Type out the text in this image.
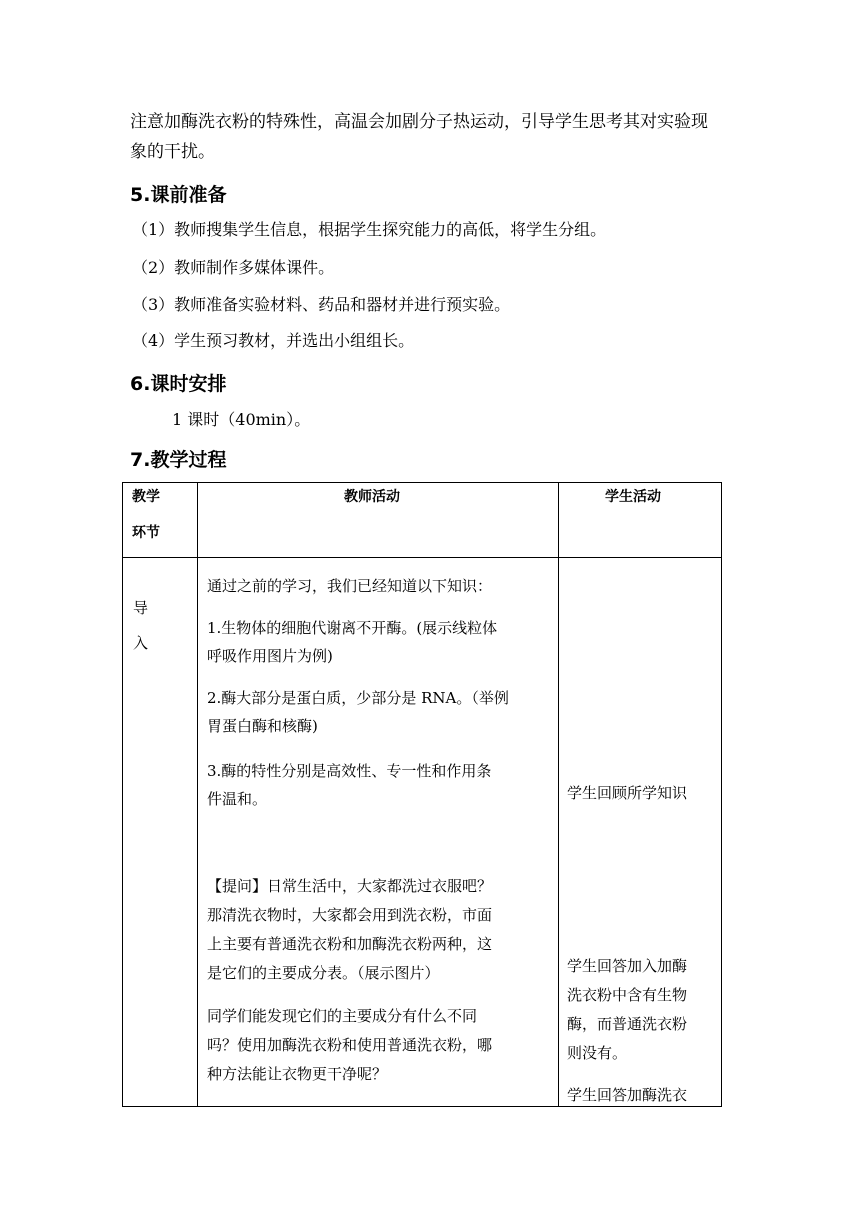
注意加酶洗衣粉的特殊性，高温会加剧分子热运动，引导学生思考其对实验现
象的干扰。
5.课前准备
（1）教师搜集学生信息，根据学生探究能力的高低，将学生分组。
（2）教师制作多媒体课件。
（3）教师准备实验材料、药品和器材并进行预实验。
（4）学生预习教材，并选出小组组长。
6.课时安排
1 课时（40min）。
7.教学过程
教学
环节
教师活动	学生活动
导
入
通过之前的学习，我们已经知道以下知识：
1.生物体的细胞代谢离不开酶。(展示线粒体
呼吸作用图片为例)
2.酶大部分是蛋白质，少部分是 RNA。（举例
胃蛋白酶和核酶)
3.酶的特性分别是高效性、专一性和作用条
件温和。
【提问】日常生活中，大家都洗过衣服吧？
那清洗衣物时，大家都会用到洗衣粉，市面
上主要有普通洗衣粉和加酶洗衣粉两种，这
是它们的主要成分表。（展示图片）
同学们能发现它们的主要成分有什么不同
吗？使用加酶洗衣粉和使用普通洗衣粉，哪
种方法能让衣物更干净呢？
学生回顾所学知识
学生回答加入加酶
洗衣粉中含有生物
酶，而普通洗衣粉
则没有。
学生回答加酶洗衣
